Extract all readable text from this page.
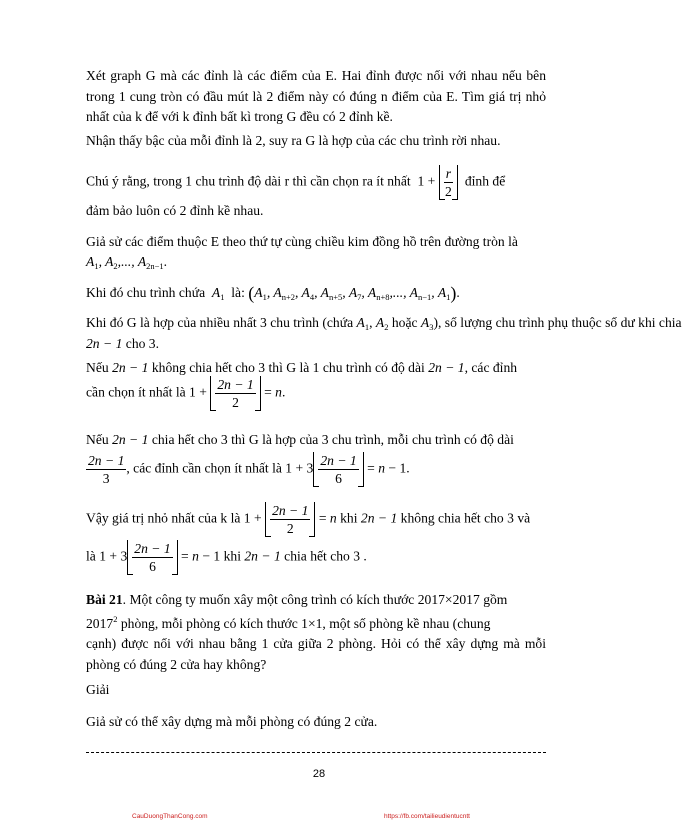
Xét graph G mà các đỉnh là các điểm của E. Hai đỉnh được nối với nhau nếu bên trong 1 cung tròn có đầu mút là 2 điểm này có đúng n điểm của E. Tìm giá trị nhỏ nhất của k để với k đỉnh bất kì trong G đều có 2 đỉnh kề.

Nhận thấy bậc của mỗi đỉnh là 2, suy ra G là hợp của các chu trình rời nhau.

Chú ý rằng, trong 1 chu trình độ dài r thì cần chọn ra ít nhất  $1 + \frac{r}{2}$ đỉnh để

đảm bảo luôn có 2 đỉnh kề nhau.

Giả sử các điểm thuộc E theo thứ tự cùng chiều kim đồng hồ trên đường tròn là

$A_1$, $A_2$,..., $A_{2n-1}$.
Khi đó chu trình chứa  $A_1$ là: ($A_1$, $A_{n+2}$, $A_4$, $A_{n+5}$, $A_7$, $A_{n+8}$,..., $A_{n-1}$, $A_1$).
Khi đó G là hợp của nhiều nhất 3 chu trình (chứa $A_1$, $A_2$ hoặc $A_3$), số lượng chu trình phụ thuộc số dư khi chia
2n − 1 cho 3.
Nếu 2n − 1 không chia hết cho 3 thì G là 1 chu trình có độ dài 2n − 1, các đỉnh
cần chọn ít nhất là $1 + \frac{2n - 1}{2} = n$.
Nếu 2n − 1 chia hết cho 3 thì G là hợp của 3 chu trình, mỗi chu trình có độ dài
$\frac{2n - 1}{3}$ , các đỉnh cần chọn ít nhất là $1 + 3 \frac{2n - 1}{6} = n - 1$.
Vậy giá trị nhỏ nhất của k là $1 + \frac{2n - 1}{2} = n$ khi 2n − 1 không chia hết cho 3 và
là $1 + 3 \frac{2n - 1}{6} = n - 1$ khi 2n − 1 chia hết cho 3 .
Bài 21. Một công ty muốn xây một công trình có kích thước 2017×2017 gồm
2017$^2$ phòng, mỗi phòng có kích thước 1×1, một số phòng kề nhau (chung

cạnh) được nối với nhau bằng 1 cửa giữa 2 phòng. Hỏi có thể xây dựng mà mỗi phòng có đúng 2 cửa hay không?

Giải

Giả sử có thể xây dựng mà mỗi phòng có đúng 2 cửa.

28
CauDuongThanCong.com	https://fb.com/tailieudientucntt
